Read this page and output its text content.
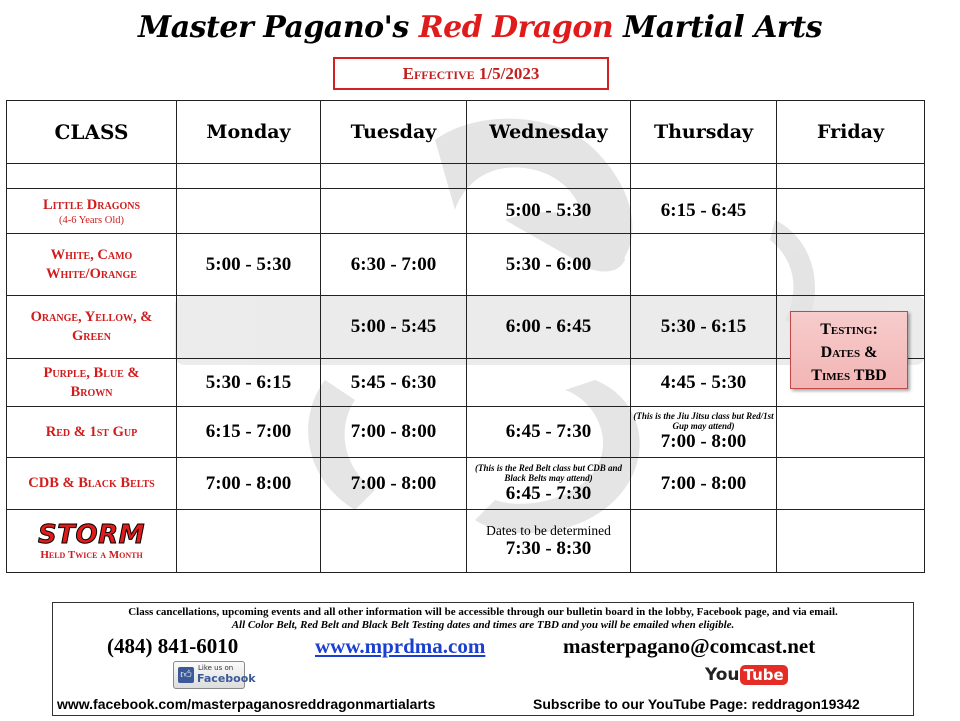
Master Pagano's Red Dragon Martial Arts
Effective 1/5/2023
CLASS	Monday	Tuesday	Wednesday	Thursday	Friday

Little Dragons
(4-6 Years Old)			5:00 - 5:30	6:15 - 6:45	
White, Camo
White/Orange	5:00 - 5:30	6:30 - 7:00	5:30 - 6:00		
Orange, Yellow, &
Green		5:00 - 5:45	6:00 - 6:45	5:30 - 6:15	
Purple, Blue &
Brown	5:30 - 6:15	5:45 - 6:30		4:45 - 5:30	
Red & 1st Gup	6:15 - 7:00	7:00 - 8:00	6:45 - 7:30	(This is the Jiu Jitsu class but Red/1st Gup may attend)
7:00 - 8:00	
CDB & Black Belts	7:00 - 8:00	7:00 - 8:00	(This is the Red Belt class but CDB and Black Belts may attend)
6:45 - 7:30	7:00 - 8:00	
STORM
Held Twice a Month			Dates to be determined
7:30 - 8:30		
Testing:
Dates &
Times TBD
Class cancellations, upcoming events and all other information will be accessible through our bulletin board in the lobby, Facebook page, and via email.
All Color Belt, Red Belt and Black Belt Testing dates and times are TBD and you will be emailed when eligible.
(484) 841-6010	www.mprdma.com	masterpagano@comcast.net
👍︎ Like us on
Facebook	You Tube
www.facebook.com/masterpaganosreddragonmartialarts	Subscribe to our YouTube Page: reddragon19342
